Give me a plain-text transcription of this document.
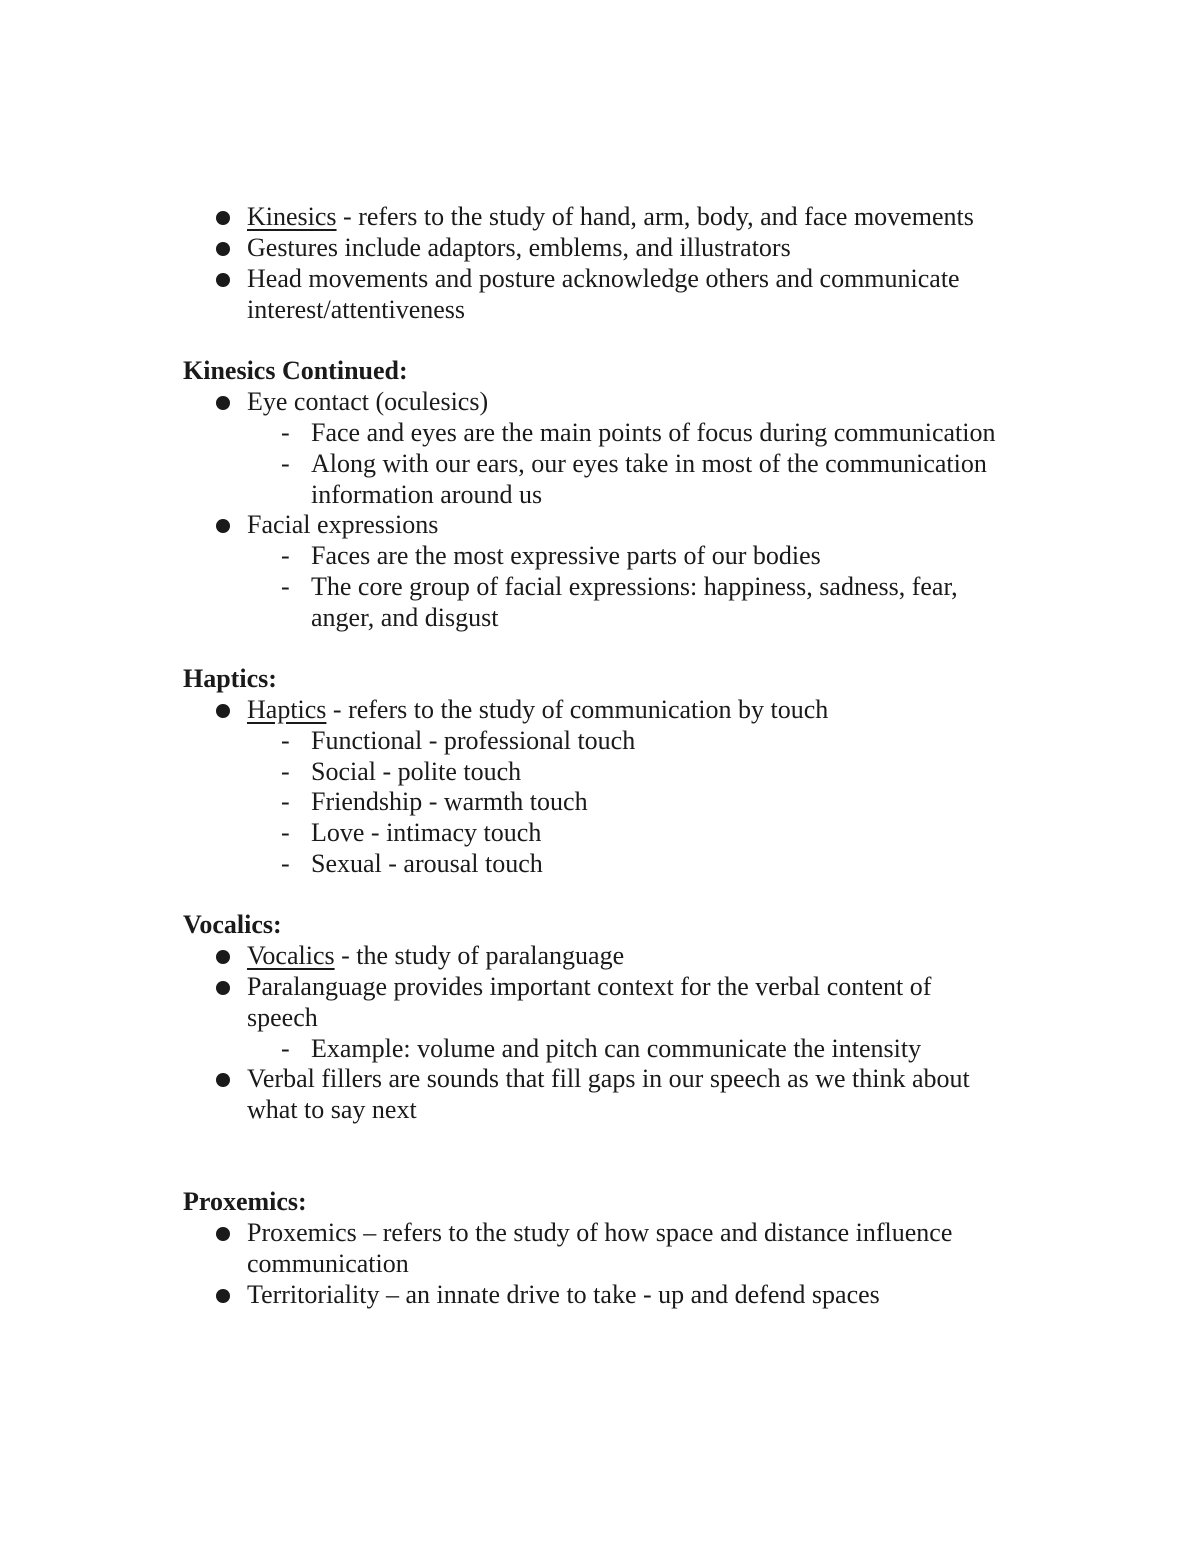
Kinesics - refers to the study of hand, arm, body, and face movements
Gestures include adaptors, emblems, and illustrators
Head movements and posture acknowledge others and communicate
interest/attentiveness
Kinesics Continued:
Eye contact (oculesics)
- Face and eyes are the main points of focus during communication
- Along with our ears, our eyes take in most of the communication
information around us
Facial expressions
- Faces are the most expressive parts of our bodies
- The core group of facial expressions: happiness, sadness, fear,
anger, and disgust
Haptics:
Haptics - refers to the study of communication by touch
- Functional - professional touch
- Social - polite touch
- Friendship - warmth touch
- Love - intimacy touch
- Sexual - arousal touch
Vocalics:
Vocalics - the study of paralanguage
Paralanguage provides important context for the verbal content of
speech
- Example: volume and pitch can communicate the intensity
Verbal fillers are sounds that fill gaps in our speech as we think about
what to say next
Proxemics:
Proxemics – refers to the study of how space and distance influence
communication
Territoriality – an innate drive to take - up and defend spaces
